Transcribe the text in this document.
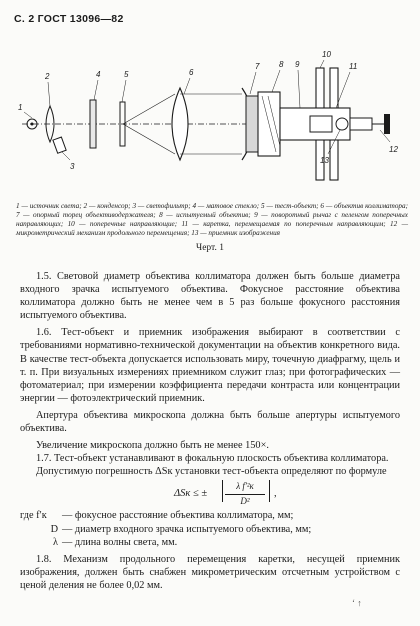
С. 2 ГОСТ 13096—82
1
2
3
4	5	6
7 8 9
10
11
12
13
1 — источник света; 2 — конденсор; 3 — светофильтр; 4 — матовое стекло; 5 — тест-объект; 6 — объектив коллиматора; 7 — опорный торец объективодержателя; 8 — испытуемый объектив; 9 — поворотный рычаг с пеленгом поперечных направляющих; 10 — поперечные направляющие; 11 — каретка, перемещаемая по поперечным направляющим; 12 — микрометрический механизм продольного перемещения; 13 — приемник изображения
Черт. 1

1.5. Световой диаметр объектива коллиматора должен быть больше диаметра входного зрачка испытуемого объектива. Фокусное расстояние объектива коллиматора должно быть не менее чем в 5 раз больше фокусного расстояния испытуемого объектива.

1.6. Тест-объект и приемник изображения выбирают в соответствии с требованиями нормативно-технической документации на объектив конкретного вида. В качестве тест-объекта допускается использовать миру, точечную диафрагму, щель и т. п. При визуальных измерениях приемником служит глаз; при фотографических — фотоматериал; при измерении коэффициента передачи контраста или концентрации энергии — фотоэлектрический приемник.

Апертура объектива микроскопа должна быть больше апертуры испытуемого объектива.

Увеличение микроскопа должно быть не менее 150×.

1.7. Тест-объект устанавливают в фокальную плоскость объектива коллиматора.

Допустимую погрешность ΔSк установки тест-объекта определяют по формуле

ΔSк ≤ ±
λ f′²к
D²
,
где f′к	— фокусное расстояние объектива коллиматора, мм;
D — диаметр входного зрачка испытуемого объектива, мм;
λ — длина волны света, мм.

1.8. Механизм продольного перемещения каретки, несущей приемник изображения, должен быть снабжен микрометрическим отсчетным устройством с ценой деления не более 0,02 мм.

ʻ ↑
